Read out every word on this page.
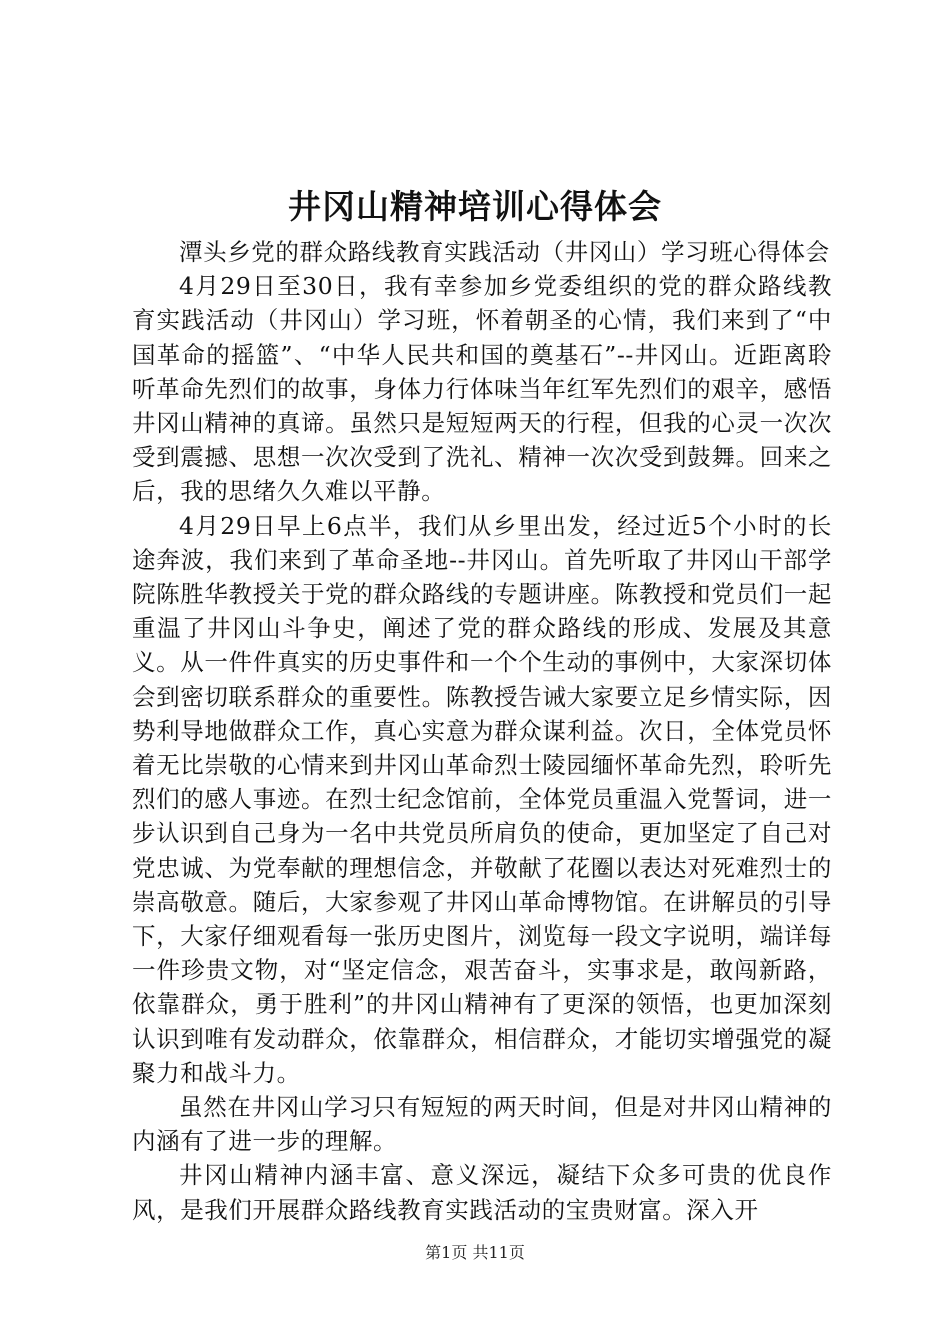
井冈山精神培训心得体会

潭头乡党的群众路线教育实践活动（井冈山）学习班心得体会

4月29日至30日，我有幸参加乡党委组织的党的群众路线教育实践活动（井冈山）学习班，怀着朝圣的心情，我们来到了“中国革命的摇篮”、“中华人民共和国的奠基石”--井冈山。近距离聆听革命先烈们的故事，身体力行体味当年红军先烈们的艰辛，感悟井冈山精神的真谛。虽然只是短短两天的行程，但我的心灵一次次受到震撼、思想一次次受到了洗礼、精神一次次受到鼓舞。回来之后，我的思绪久久难以平静。

4月29日早上6点半，我们从乡里出发，经过近5个小时的长途奔波，我们来到了革命圣地--井冈山。首先听取了井冈山干部学院陈胜华教授关于党的群众路线的专题讲座。陈教授和党员们一起重温了井冈山斗争史，阐述了党的群众路线的形成、发展及其意义。从一件件真实的历史事件和一个个生动的事例中，大家深切体会到密切联系群众的重要性。陈教授告诫大家要立足乡情实际，因势利导地做群众工作，真心实意为群众谋利益。次日，全体党员怀着无比崇敬的心情来到井冈山革命烈士陵园缅怀革命先烈，聆听先烈们的感人事迹。在烈士纪念馆前，全体党员重温入党誓词，进一步认识到自己身为一名中共党员所肩负的使命，更加坚定了自己对党忠诚、为党奉献的理想信念，并敬献了花圈以表达对死难烈士的崇高敬意。随后，大家参观了井冈山革命博物馆。在讲解员的引导下，大家仔细观看每一张历史图片，浏览每一段文字说明，端详每一件珍贵文物，对“坚定信念，艰苦奋斗，实事求是，敢闯新路，依靠群众，勇于胜利”的井冈山精神有了更深的领悟，也更加深刻认识到唯有发动群众，依靠群众，相信群众，才能切实增强党的凝聚力和战斗力。

虽然在井冈山学习只有短短的两天时间，但是对井冈山精神的内涵有了进一步的理解。

井冈山精神内涵丰富、意义深远，凝结下众多可贵的优良作风，是我们开展群众路线教育实践活动的宝贵财富。深入开

第1页 共11页
